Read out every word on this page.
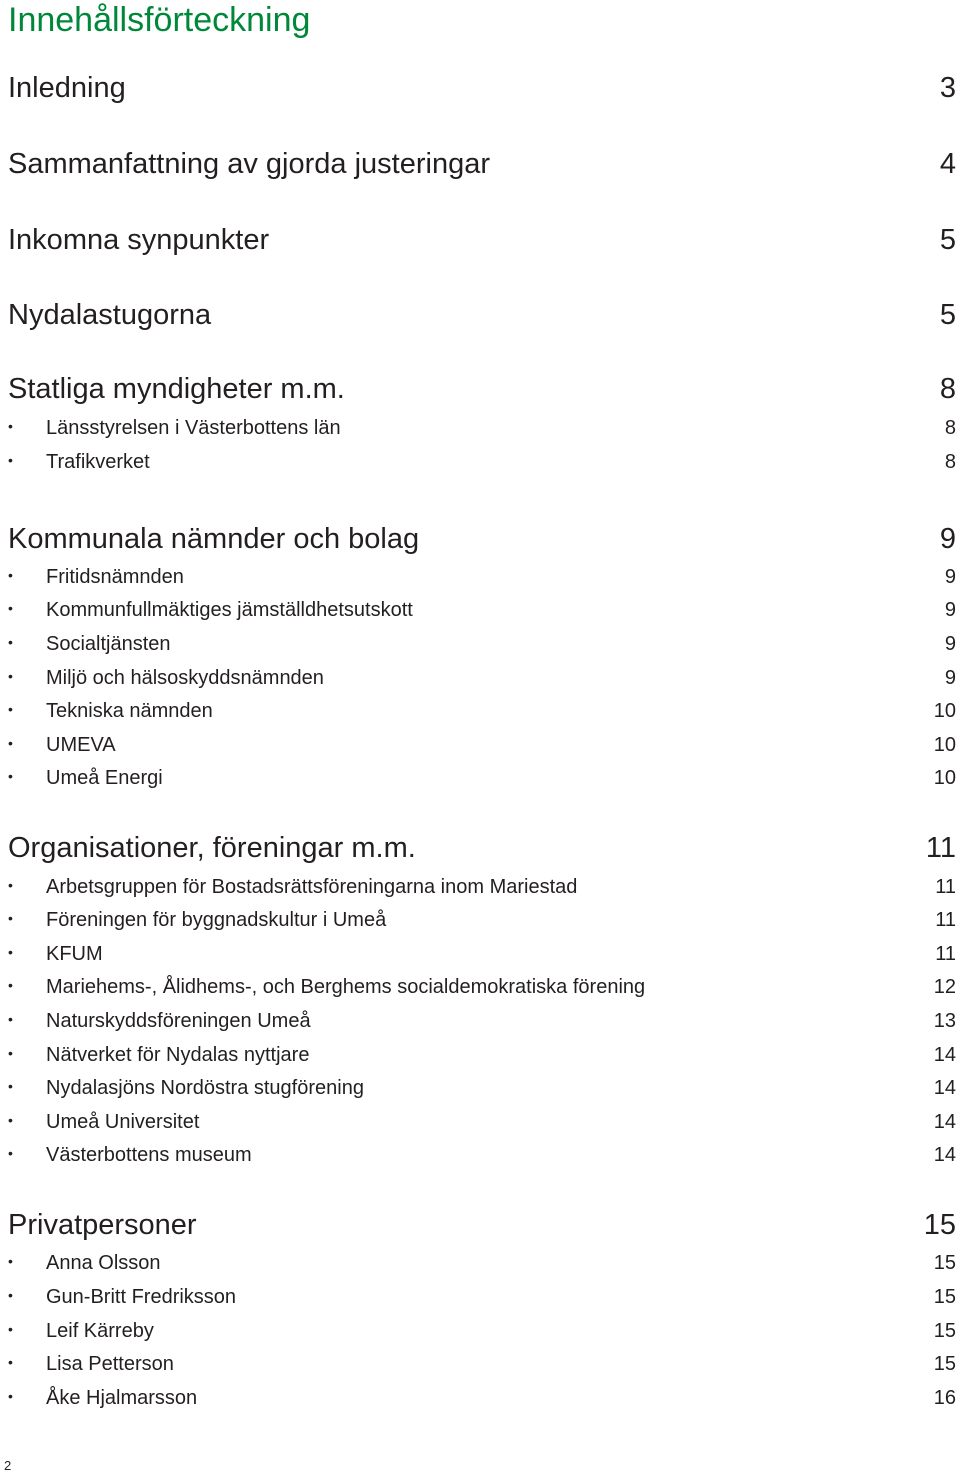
Innehållsförteckning
Inledning	3
Sammanfattning av gjorda justeringar	4
Inkomna synpunkter	5
Nydalastugorna	5
Statliga myndigheter m.m.	8
•	Länsstyrelsen i Västerbottens län	8
•	Trafikverket	8
Kommunala nämnder och bolag	9
•	Fritidsnämnden	9
•	Kommunfullmäktiges jämställdhetsutskott	9
•	Socialtjänsten	9
•	Miljö och hälsoskyddsnämnden	9
•	Tekniska nämnden	10
•	UMEVA	10
•	Umeå Energi	10
Organisationer, föreningar m.m.	11
•	Arbetsgruppen för Bostadsrättsföreningarna inom Mariestad	11
•	Föreningen för byggnadskultur i Umeå	11
•	KFUM	11
•	Mariehems-, Ålidhems-, och Berghems socialdemokratiska förening	12
•	Naturskyddsföreningen Umeå	13
•	Nätverket för Nydalas nyttjare	14
•	Nydalasjöns Nordöstra stugförening	14
•	Umeå Universitet	14
•	Västerbottens museum	14
Privatpersoner	15
•	Anna Olsson	15
•	Gun-Britt Fredriksson	15
•	Leif Kärreby	15
•	Lisa Petterson	15
•	Åke Hjalmarsson	16
2
